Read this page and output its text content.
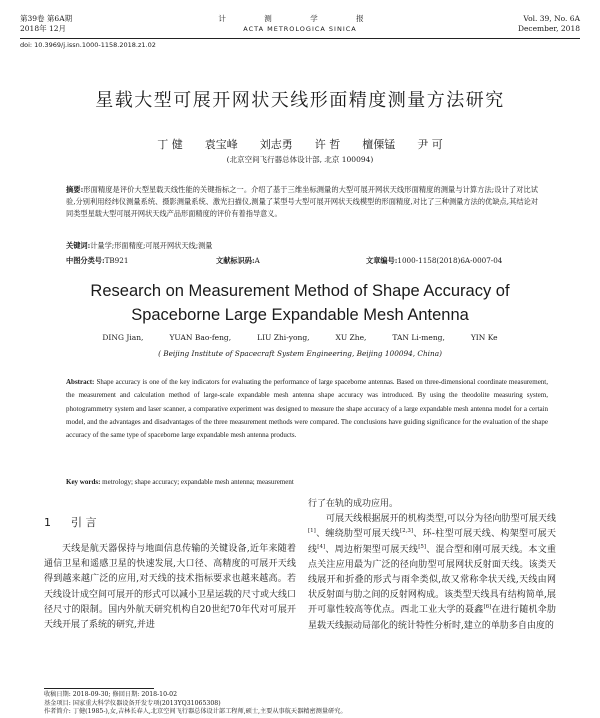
第39卷 第6A期
2018年 12月
计 测 学 报
ACTA METROLOGICA SINICA
Vol. 39, No. 6A
December, 2018
doi: 10.3969/j.issn.1000-1158.2018.z1.02
星载大型可展开网状天线形面精度测量方法研究
丁 健 袁宝峰 刘志勇 许 哲 檀傈锰 尹 可
(北京空间飞行器总体设计部, 北京 100094)
摘要:形面精度是评价大型星载天线性能的关键指标之一。介绍了基于三维坐标测量的大型可展开网状天线形面精度的测量与计算方法;设计了对比试验,分别利用经纬仪测量系统、摄影测量系统、激光扫描仪,测量了某型号大型可展开网状天线模型的形面精度,对比了三种测量方法的优缺点,其结论对同类型星载大型可展开网状天线产品形面精度的评价有着指导意义。
关键词:计量学;形面精度;可展开网状天线;测量
中图分类号:TB921	文献标识码:A	文章编号:1000-1158(2018)6A-0007-04
Research on Measurement Method of Shape Accuracy of
Spaceborne Large Expandable Mesh Antenna
DING Jian,	YUAN Bao-feng,	LIU Zhi-yong,	XU Zhe,	TAN Li-meng,	YIN Ke
( Beijing Institute of Spacecraft System Engineering, Beijing 100094, China)
Abstract: Shape accuracy is one of the key indicators for evaluating the performance of large spaceborne antennas. Based on three-dimensional coordinate measurement, the measurement and calculation method of large-scale expandable mesh antenna shape accuracy was introduced. By using the theodolite measuring system, photogrammetry system and laser scanner, a comparative experiment was designed to measure the shape accuracy of a large expandable mesh antenna model for a certain model, and the advantages and disadvantages of the three measurement methods were compared. The conclusions have guiding significance for the evaluation of the shape accuracy of the same type of spaceborne large expandable mesh antenna products.
Key words: metrology; shape accuracy; expandable mesh antenna; measurement
1 引 言

天线是航天器保持与地面信息传输的关键设备,近年来随着通信卫星和遥感卫星的快速发展,大口径、高精度的可展开天线得到越来越广泛的应用,对天线的技术指标要求也越来越高。若天线设计成空间可展开的形式可以减小卫星运载的尺寸或大线口径尺寸的限制。国内外航天研究机构自20世纪70年代对可展开天线开展了系统的研究,并进

行了在轨的成功应用。

可展天线根据展开的机构类型,可以分为径向肋型可展天线[1]、缠绕肋型可展天线[2,3]、环-柱型可展天线、构架型可展天线[4]、周边桁架型可展天线[5]、混合型和刚可展天线。本文重点关注应用最为广泛的径向肋型可展网状反射面天线。该类天线展开和折叠的形式与雨伞类似,故又常称伞状天线,天线由网状反射面与肋之间的反射网构成。该类型天线具有结构简单,展开可靠性较高等优点。西北工业大学的聂鑫[6]在进行随机伞肋星载天线振动局部化的统计特性分析时,建立的单肋多自由度的

收稿日期: 2018-09-30; 修回日期: 2018-10-02
基金项目: 国家重大科学仪器设备开发专项(2013YQ31065308)
作者简介: 丁健(1985-),女,吉林长春人,北京空间飞行器总体设计部工程师,硕士,主要从事航天器精密测量研究。
